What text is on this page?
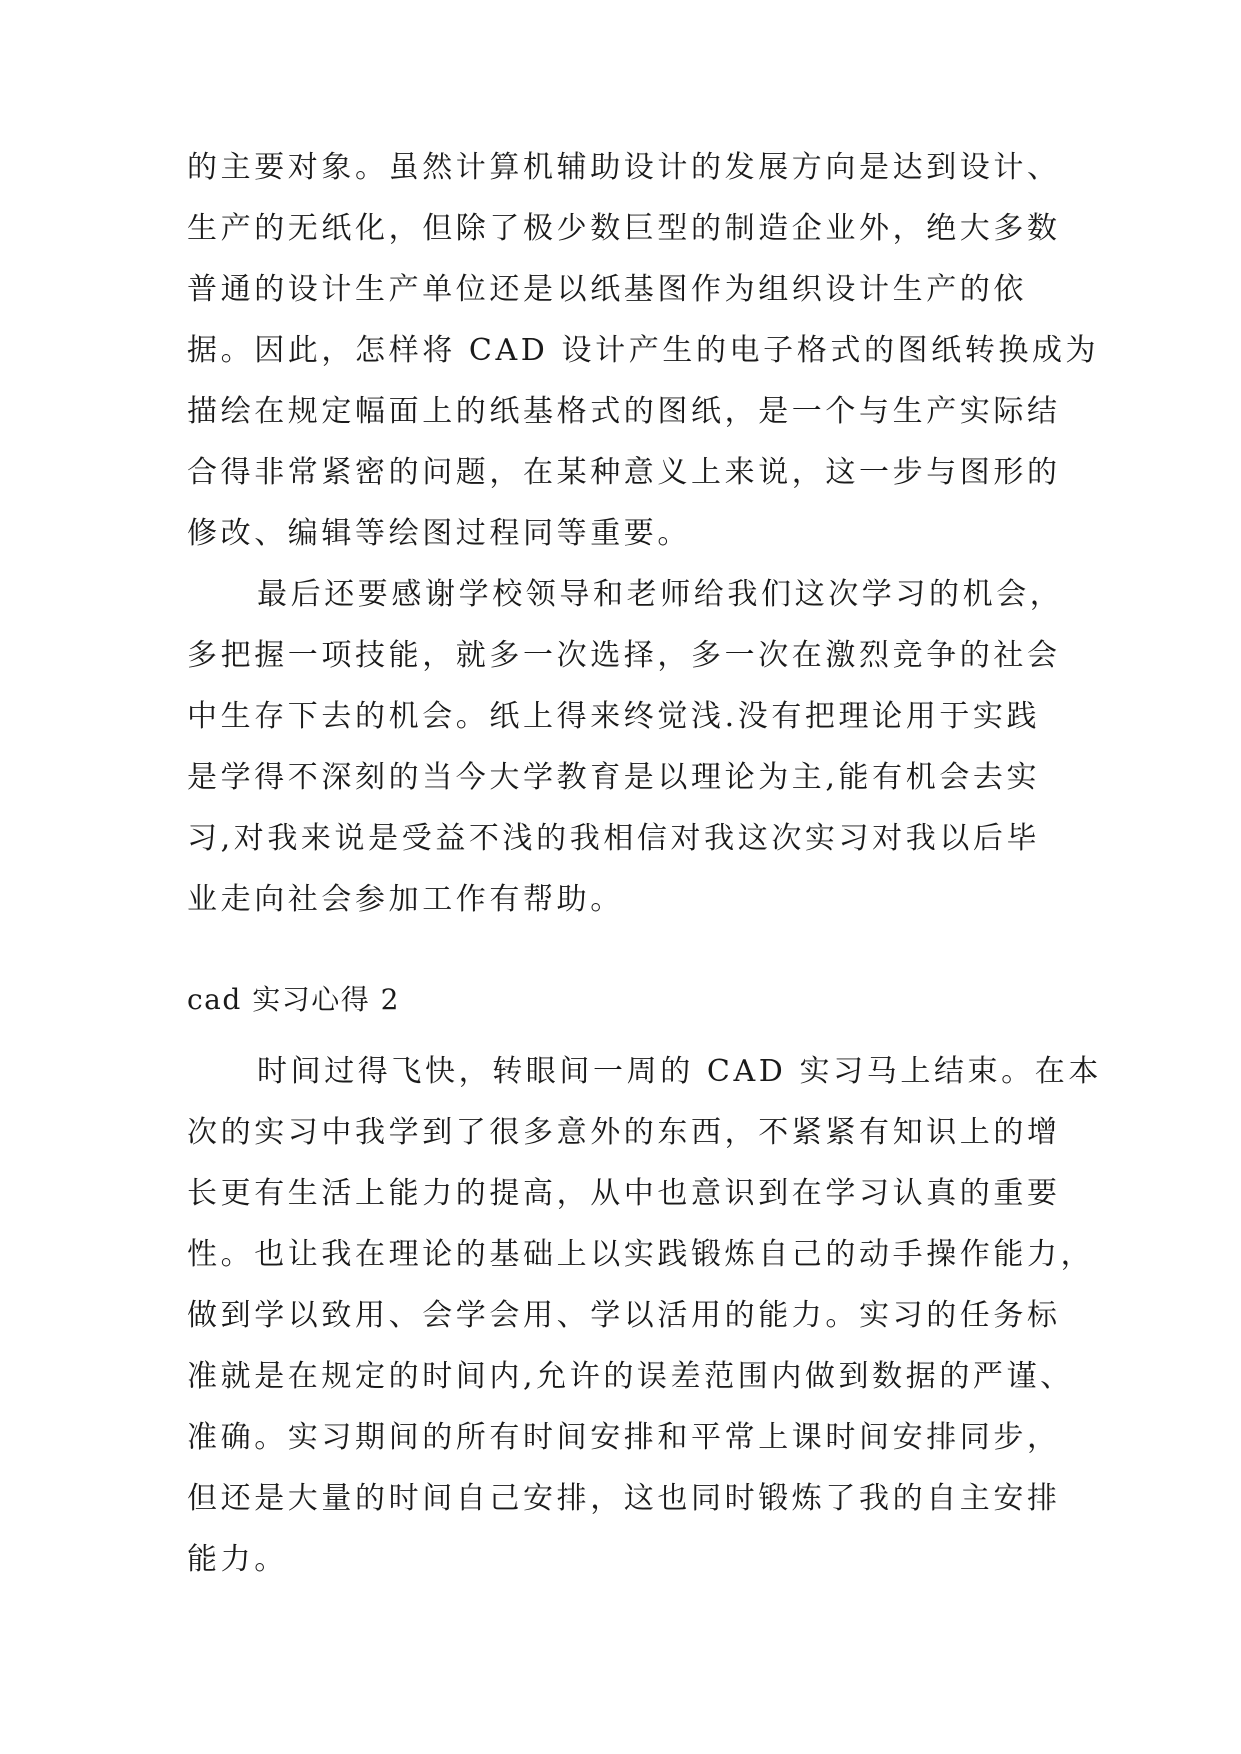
的主要对象。虽然计算机辅助设计的发展方向是达到设计、
生产的无纸化，但除了极少数巨型的制造企业外，绝大多数
普通的设计生产单位还是以纸基图作为组织设计生产的依
据。因此，怎样将 CAD 设计产生的电子格式的图纸转换成为
描绘在规定幅面上的纸基格式的图纸，是一个与生产实际结
合得非常紧密的问题，在某种意义上来说，这一步与图形的
修改、编辑等绘图过程同等重要。
最后还要感谢学校领导和老师给我们这次学习的机会，
多把握一项技能，就多一次选择，多一次在激烈竞争的社会
中生存下去的机会。纸上得来终觉浅.没有把理论用于实践
是学得不深刻的当今大学教育是以理论为主,能有机会去实
习,对我来说是受益不浅的我相信对我这次实习对我以后毕
业走向社会参加工作有帮助。
cad 实习心得 2
时间过得飞快，转眼间一周的 CAD 实习马上结束。在本
次的实习中我学到了很多意外的东西，不紧紧有知识上的增
长更有生活上能力的提高，从中也意识到在学习认真的重要
性。也让我在理论的基础上以实践锻炼自己的动手操作能力，
做到学以致用、会学会用、学以活用的能力。实习的任务标
准就是在规定的时间内,允许的误差范围内做到数据的严谨、
准确。实习期间的所有时间安排和平常上课时间安排同步，
但还是大量的时间自己安排，这也同时锻炼了我的自主安排
能力。
